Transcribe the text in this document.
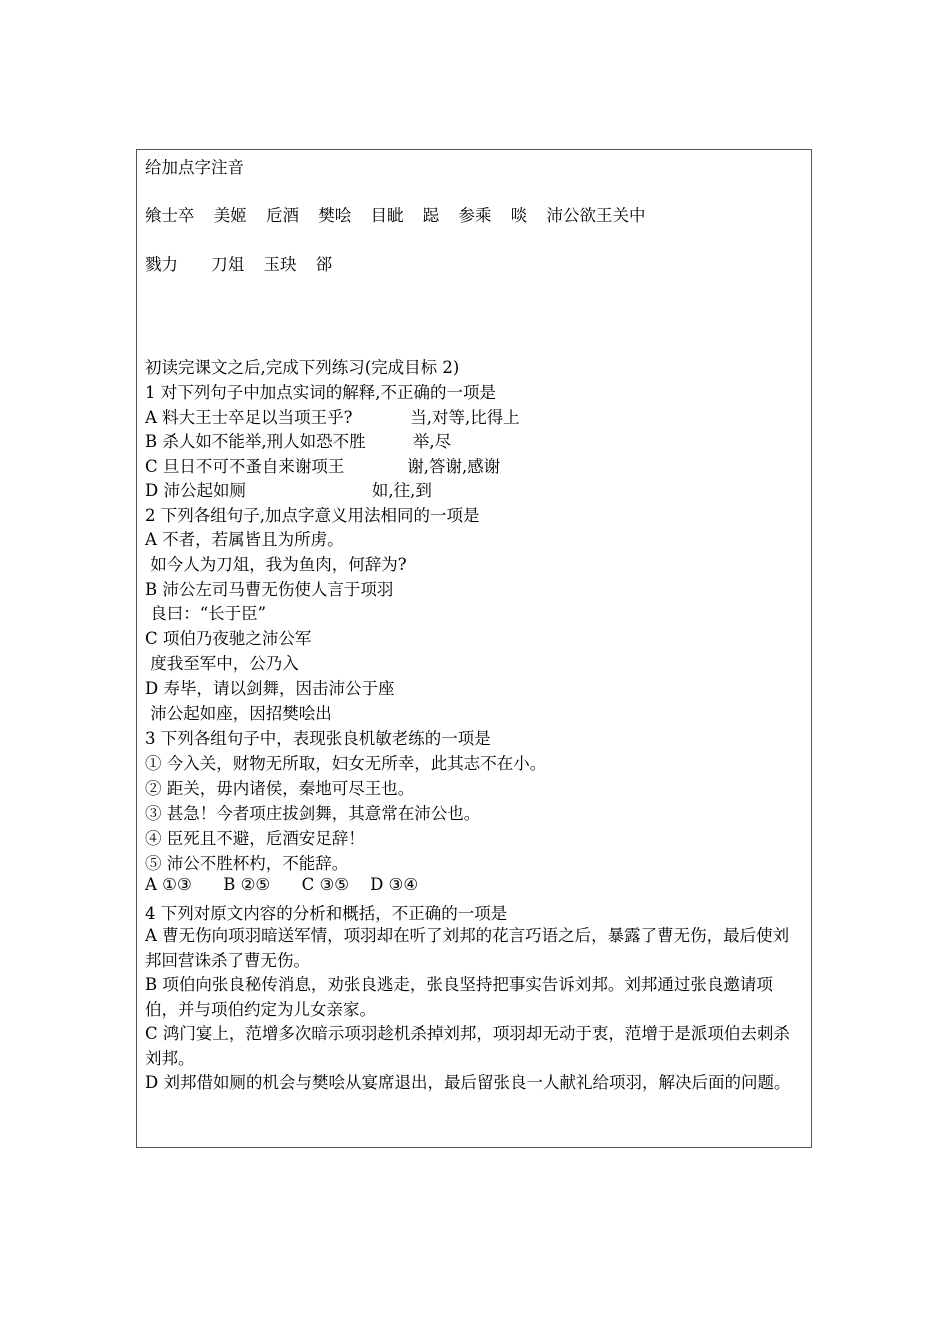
给加点字注音
飨士卒 美姬 卮酒 樊哙 目眦 跽 参乘 啖 沛公欲王关中
戮力 刀俎 玉玦 郤
初读完课文之后,完成下列练习(完成目标 2)
1 对下列句子中加点实词的解释,不正确的一项是
A 料大王士卒足以当项王乎?           当,对等,比得上
B 杀人如不能举,刑人如恐不胜         举,尽
C 旦日不可不蚤自来谢项王            谢,答谢,感谢
D 沛公起如厕                        如,往,到
2 下列各组句子,加点字意义用法相同的一项是
A 不者，若属皆且为所虏。
如今人为刀俎，我为鱼肉，何辞为?
B 沛公左司马曹无伤使人言于项羽
良曰：“长于臣”
C 项伯乃夜驰之沛公军
度我至军中，公乃入
D 寿毕，请以剑舞，因击沛公于座
沛公起如座，因招樊哙出
3 下列各组句子中，表现张良机敏老练的一项是
① 今入关，财物无所取，妇女无所幸，此其志不在小。
② 距关，毋内诸侯，秦地可尽王也。
③ 甚急！今者项庄拔剑舞，其意常在沛公也。
④ 臣死且不避，卮酒安足辞！
⑤ 沛公不胜杯杓，不能辞。
A ①③      B ②⑤      C ③⑤    D ③④
4 下列对原文内容的分析和概括，不正确的一项是
A 曹无伤向项羽暗送军情，项羽却在听了刘邦的花言巧语之后，暴露了曹无伤，最后使刘邦回营诛杀了曹无伤。
B 项伯向张良秘传消息，劝张良逃走，张良坚持把事实告诉刘邦。刘邦通过张良邀请项伯，并与项伯约定为儿女亲家。
C 鸿门宴上，范增多次暗示项羽趁机杀掉刘邦，项羽却无动于衷，范增于是派项伯去刺杀刘邦。
D 刘邦借如厕的机会与樊哙从宴席退出，最后留张良一人献礼给项羽，解决后面的问题。
